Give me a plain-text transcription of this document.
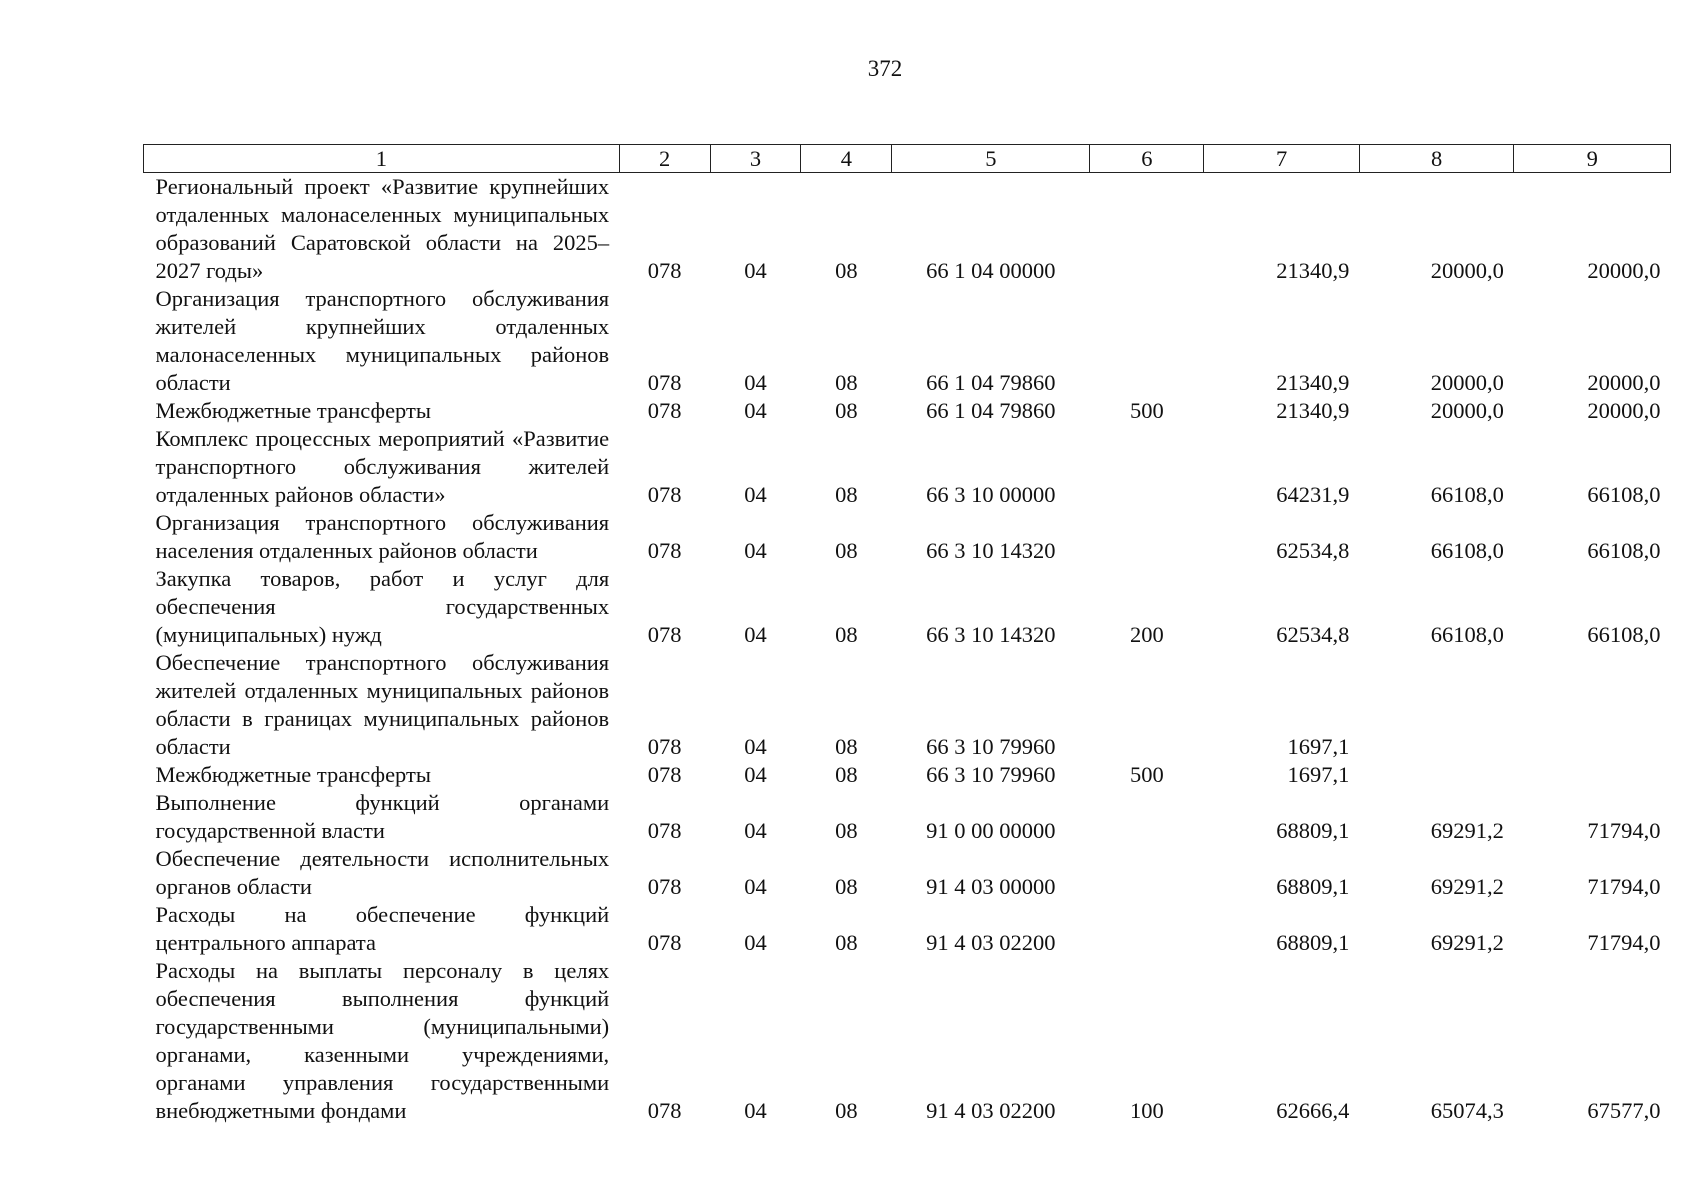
372
1	2	3	4	5	6	7	8	9
Региональный проект «Развитие крупнейших отдаленных малонаселенных муниципальных образований Саратовской области на 2025–2027 годы»	078	04	08	66 1 04 00000		21340,9	20000,0	20000,0
Организация транспортного обслуживания жителей крупнейших отдаленных малонаселенных муниципальных районов области	078	04	08	66 1 04 79860		21340,9	20000,0	20000,0
Межбюджетные трансферты	078	04	08	66 1 04 79860	500	21340,9	20000,0	20000,0
Комплекс процессных мероприятий «Развитие транспортного обслуживания жителей отдаленных районов области»	078	04	08	66 3 10 00000		64231,9	66108,0	66108,0
Организация транспортного обслуживания населения отдаленных районов области	078	04	08	66 3 10 14320		62534,8	66108,0	66108,0
Закупка товаров, работ и услуг для обеспечения государственных (муниципальных) нужд	078	04	08	66 3 10 14320	200	62534,8	66108,0	66108,0
Обеспечение транспортного обслуживания жителей отдаленных муниципальных районов области в границах муниципальных районов области	078	04	08	66 3 10 79960		1697,1		
Межбюджетные трансферты	078	04	08	66 3 10 79960	500	1697,1		
Выполнение функций органами государственной власти	078	04	08	91 0 00 00000		68809,1	69291,2	71794,0
Обеспечение деятельности исполнительных органов области	078	04	08	91 4 03 00000		68809,1	69291,2	71794,0
Расходы на обеспечение функций центрального аппарата	078	04	08	91 4 03 02200		68809,1	69291,2	71794,0
Расходы на выплаты персоналу в целях обеспечения выполнения функций государственными (муниципальными) органами, казенными учреждениями, органами управления государственными внебюджетными фондами	078	04	08	91 4 03 02200	100	62666,4	65074,3	67577,0
